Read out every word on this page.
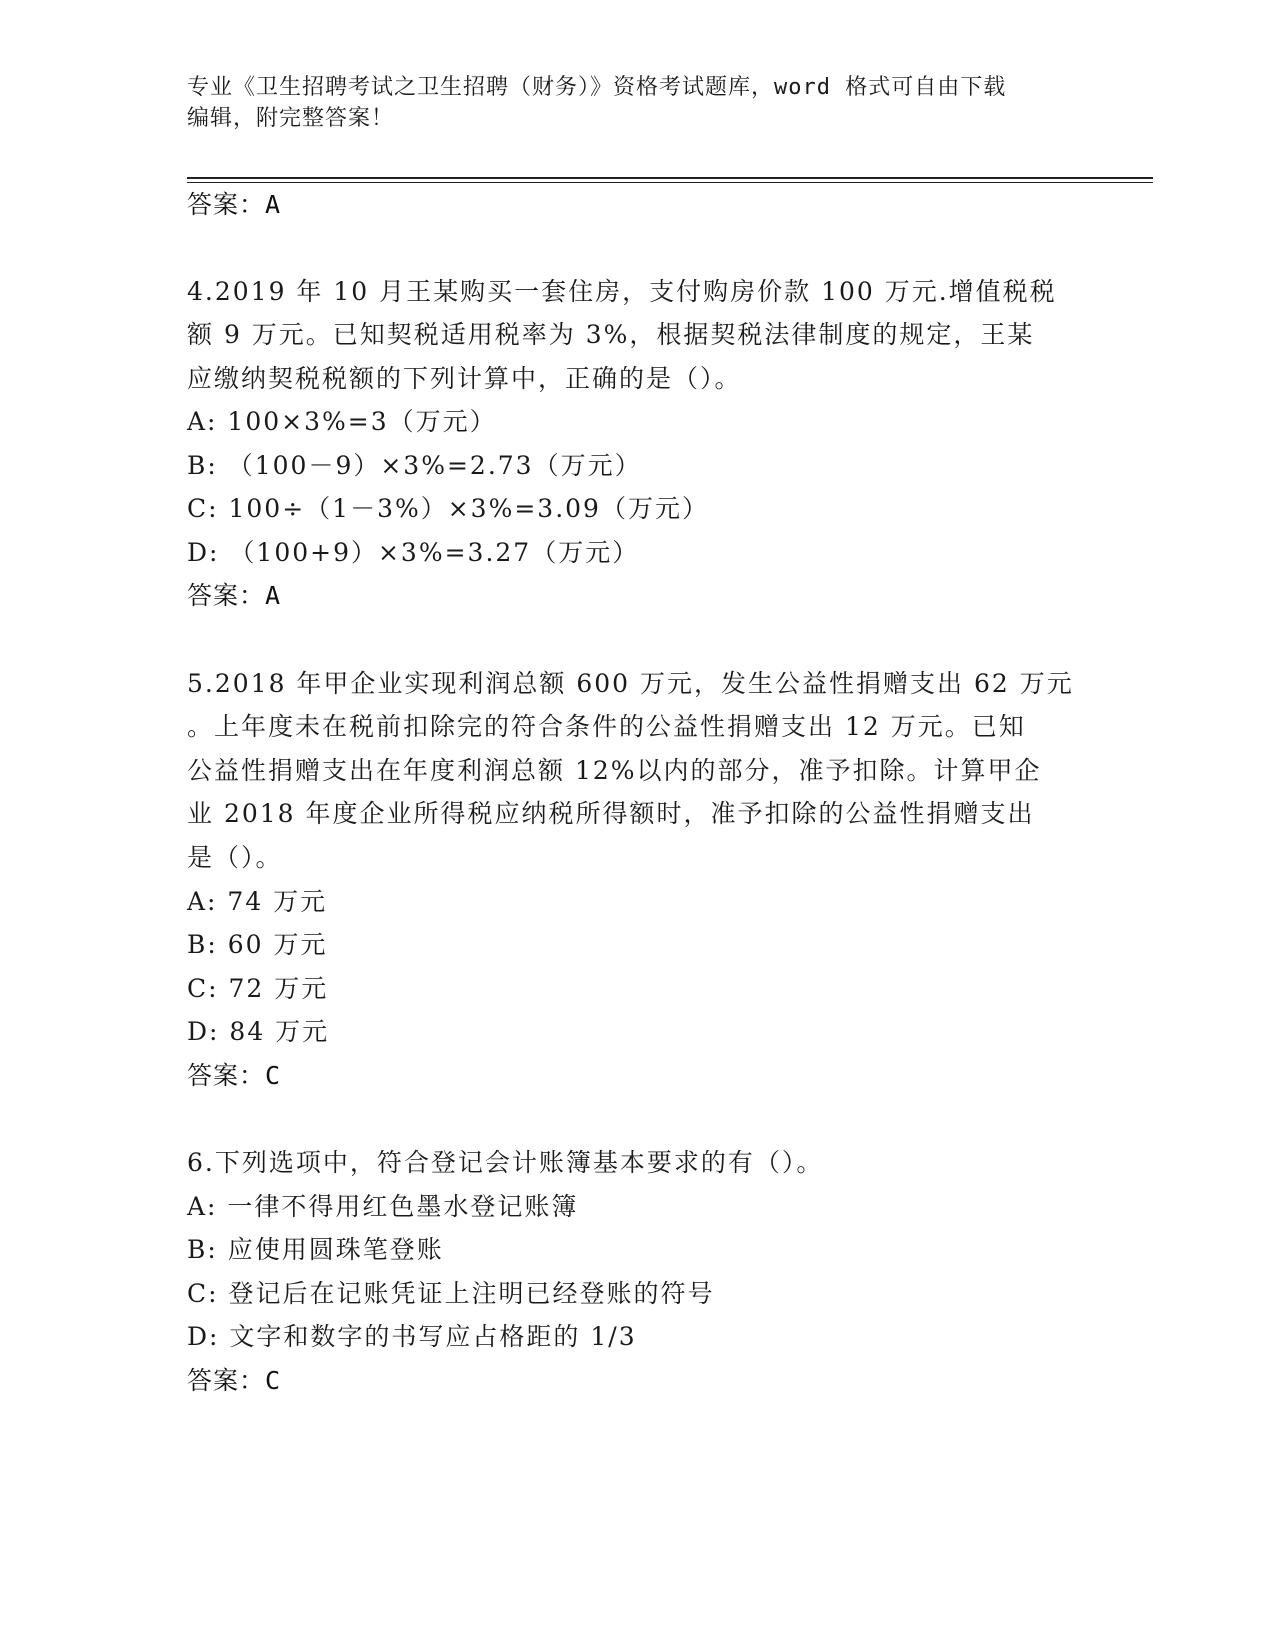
专业《卫生招聘考试之卫生招聘（财务）》资格考试题库，word 格式可自由下载
编辑，附完整答案！
答案：A
4.2019 年 10 月王某购买一套住房，支付购房价款 100 万元.增值税税
额 9 万元。已知契税适用税率为 3%，根据契税法律制度的规定，王某
应缴纳契税税额的下列计算中，正确的是（）。
A: 100×3%=3（万元）
B: （100－9）×3%=2.73（万元）
C: 100÷（1－3%）×3%=3.09（万元）
D: （100+9）×3%=3.27（万元）
答案：A
5.2018 年甲企业实现利润总额 600 万元，发生公益性捐赠支出 62 万元
。上年度未在税前扣除完的符合条件的公益性捐赠支出 12 万元。已知
公益性捐赠支出在年度利润总额 12%以内的部分，准予扣除。计算甲企
业 2018 年度企业所得税应纳税所得额时，准予扣除的公益性捐赠支出
是（）。
A: 74 万元
B: 60 万元
C: 72 万元
D: 84 万元
答案：C
6.下列选项中，符合登记会计账簿基本要求的有（）。
A: 一律不得用红色墨水登记账簿
B: 应使用圆珠笔登账
C: 登记后在记账凭证上注明已经登账的符号
D: 文字和数字的书写应占格距的 1/3
答案：C
